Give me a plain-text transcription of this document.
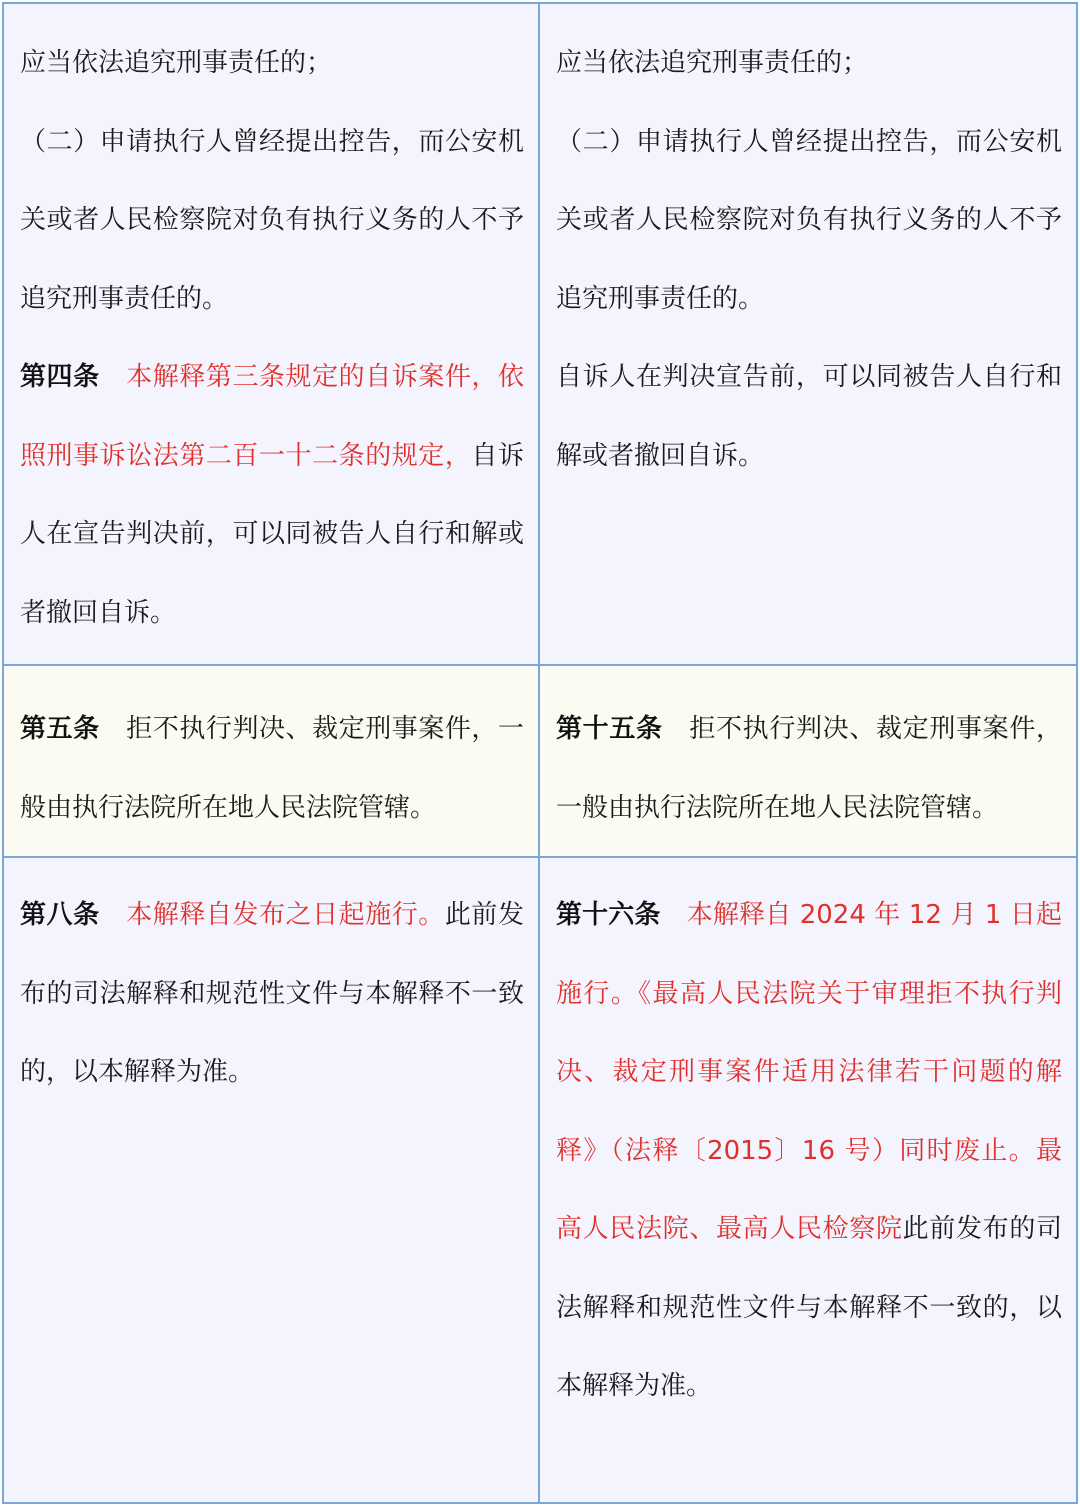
应当依法追究刑事责任的；

（二）申请执行人曾经提出控告，而公安机关或者人民检察院对负有执行义务的人不予追究刑事责任的。

第四条 本解释第三条规定的自诉案件，依照刑事诉讼法第二百一十二条的规定，自诉人在宣告判决前，可以同被告人自行和解或者撤回自诉。

应当依法追究刑事责任的；

（二）申请执行人曾经提出控告，而公安机关或者人民检察院对负有执行义务的人不予追究刑事责任的。

自诉人在判决宣告前，可以同被告人自行和解或者撤回自诉。

第五条 拒不执行判决、裁定刑事案件，一般由执行法院所在地人民法院管辖。

第十五条 拒不执行判决、裁定刑事案件，一般由执行法院所在地人民法院管辖。

第八条 本解释自发布之日起施行。此前发布的司法解释和规范性文件与本解释不一致的，以本解释为准。

第十六条 本解释自 2024 年 12 月 1 日起施行。《最高人民法院关于审理拒不执行判决、裁定刑事案件适用法律若干问题的解释》（法释〔2015〕16 号）同时废止。最高人民法院、最高人民检察院此前发布的司法解释和规范性文件与本解释不一致的，以本解释为准。
